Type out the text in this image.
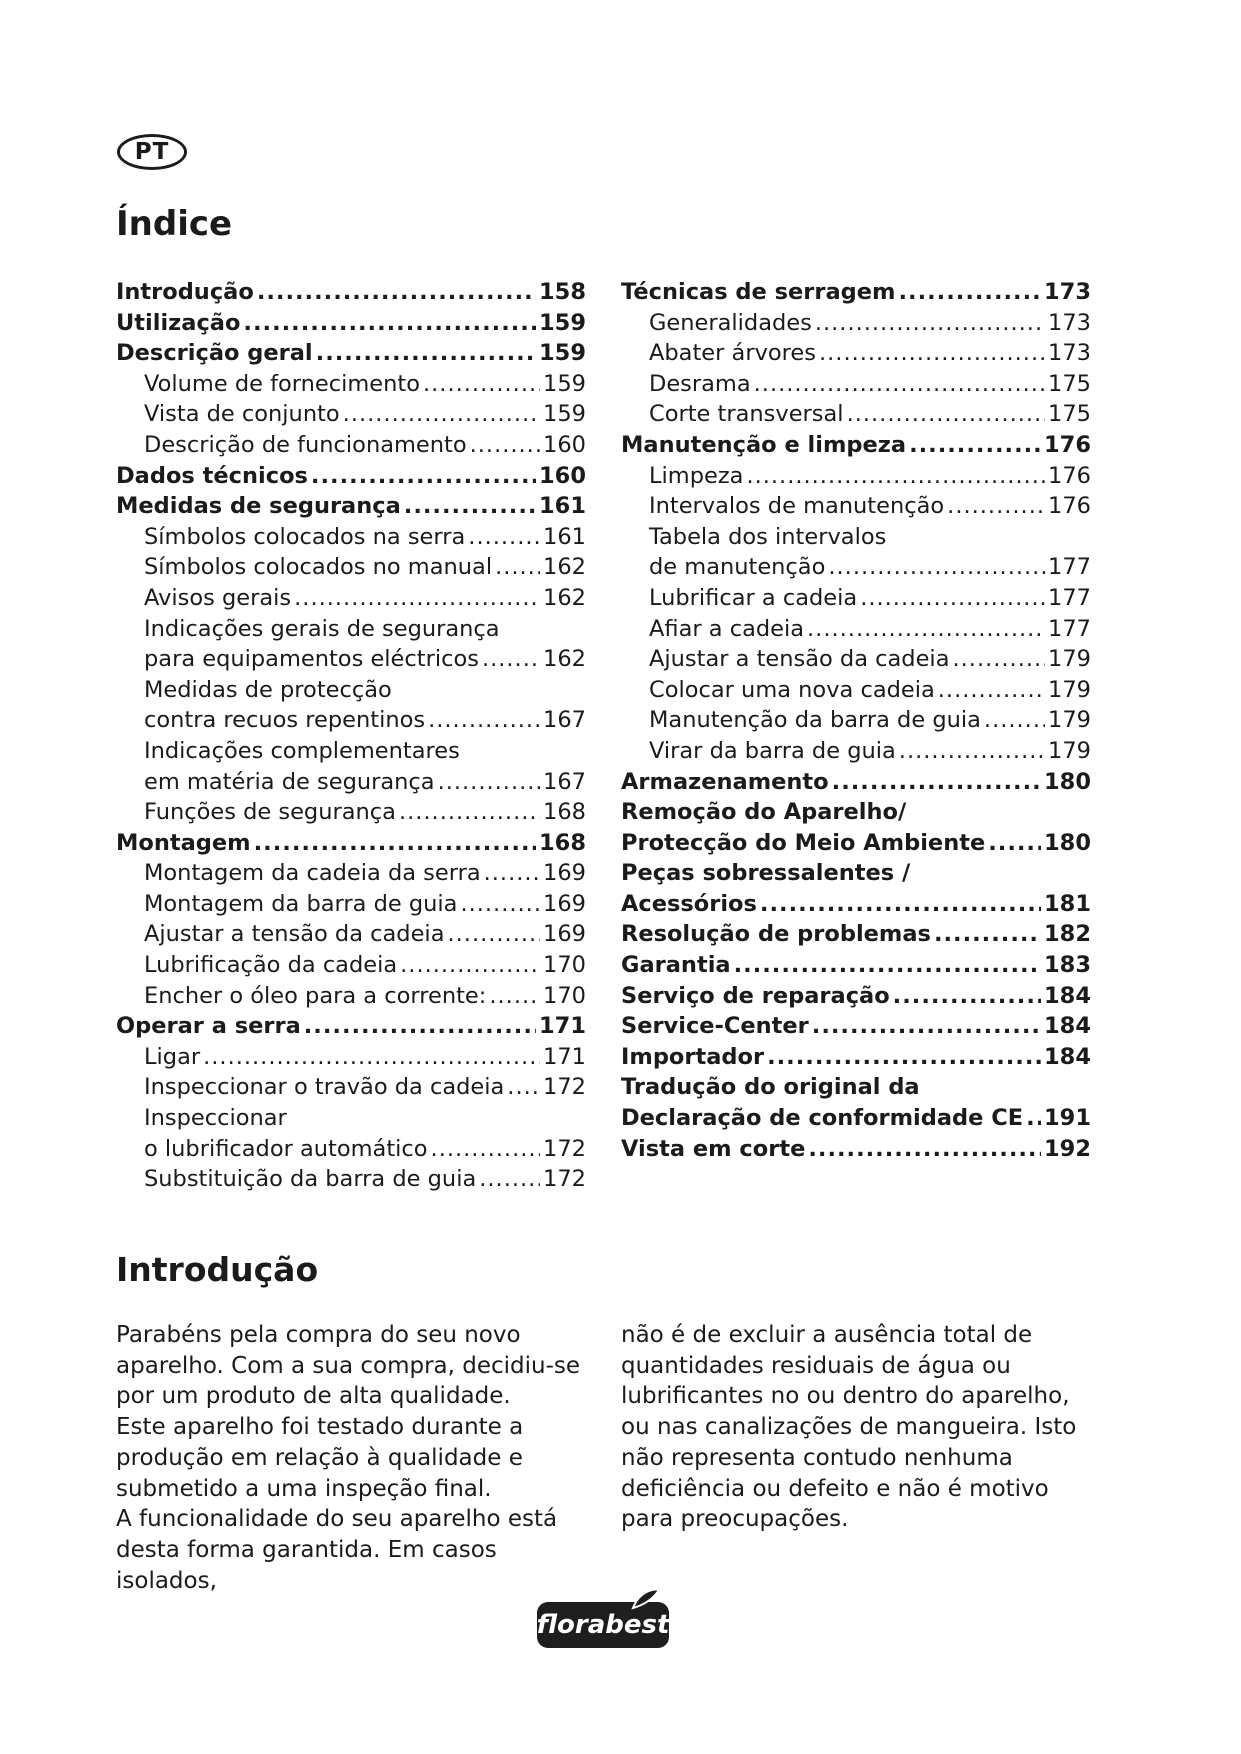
PT
Índice
Introdução .....	158
Utilização .....	159
Descrição geral .....	159
Volume de fornecimento .....	159
Vista de conjunto .....	159
Descrição de funcionamento .....	160
Dados técnicos .....	160
Medidas de segurança .....	161
Símbolos colocados na serra .....	161
Símbolos colocados no manual ..... 162
Avisos gerais .....	162
Indicações gerais de segurança
para equipamentos eléctricos .....	162
Medidas de protecção
contra recuos repentinos .....	167
Indicações complementares
em matéria de segurança .....	167
Funções de segurança .....	168
Montagem .....	168
Montagem da cadeia da serra .....	169
Montagem da barra de guia .....	169
Ajustar a tensão da cadeia .....	169
Lubrificação da cadeia .....	170
Encher o óleo para a corrente: .....	170
Operar a serra .....	171
Ligar .....	171
Inspeccionar o travão da cadeia ..... 172
Inspeccionar
o lubrificador automático .....	172
Substituição da barra de guia .....	172
Técnicas de serragem .....	173
Generalidades .....	173
Abater árvores .....	173
Desrama .....	175
Corte transversal .....	175
Manutenção e limpeza .....	176
Limpeza .....	176
Intervalos de manutenção .....	176
Tabela dos intervalos
de manutenção .....	177
Lubrificar a cadeia .....	177
Afiar a cadeia .....	177
Ajustar a tensão da cadeia .....	179
Colocar uma nova cadeia .....	179
Manutenção da barra de guia .....	179
Virar da barra de guia .....	179
Armazenamento .....	180
Remoção do Aparelho/
Protecção do Meio Ambiente .....	180
Peças sobressalentes /
Acessórios .....	181
Resolução de problemas .....	182
Garantia .....	183
Serviço de reparação .....	184
Service-Center .....	184
Importador .....	184
Tradução do original da
Declaração de conformidade CE ..... 191
Vista em corte .....	192
Introdução

Parabéns pela compra do seu novo aparelho. Com a sua compra, decidiu-se por um produto de alta qualidade.

Este aparelho foi testado durante a produção em relação à qualidade e submetido a uma inspeção final.

A funcionalidade do seu aparelho está desta forma garantida. Em casos isolados,

não é de excluir a ausência total de quantidades residuais de água ou lubrificantes no ou dentro do aparelho, ou nas canalizações de mangueira. Isto não representa contudo nenhuma deficiência ou defeito e não é motivo para preocupações.

florabest
